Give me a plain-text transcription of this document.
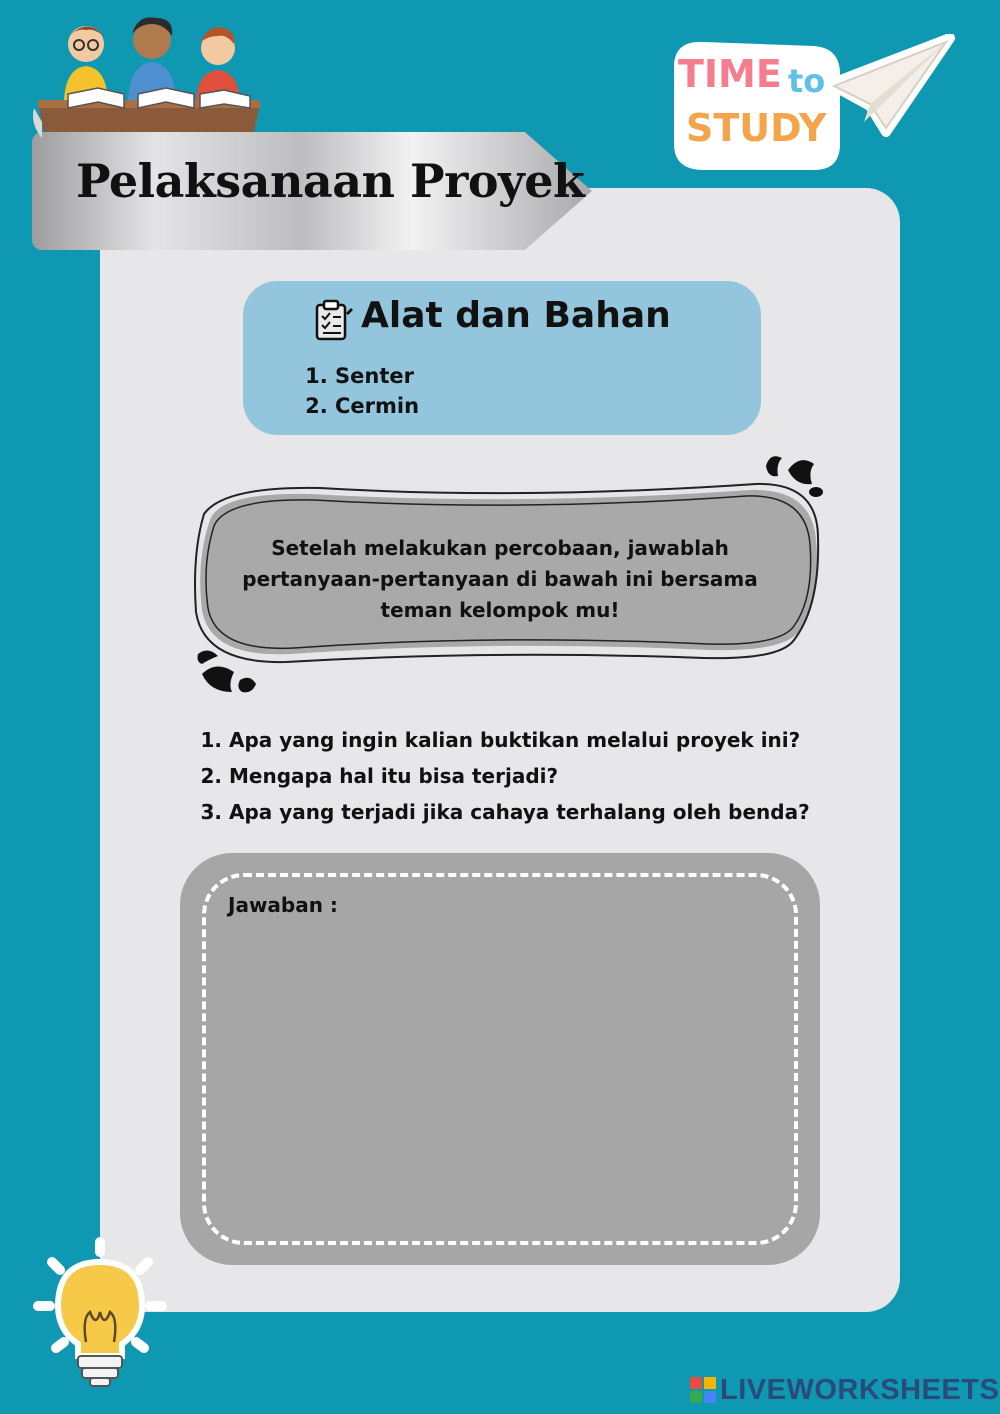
Pelaksanaan Proyek
TIME to
STUDY
Alat dan Bahan
1. Senter
2. Cermin

Setelah melakukan percobaan, jawablah pertanyaan-pertanyaan di bawah ini bersama teman kelompok mu!

1. Apa yang ingin kalian buktikan melalui proyek ini?
2. Mengapa hal itu bisa terjadi?
3. Apa yang terjadi jika cahaya terhalang oleh benda?
Jawaban :
LIVEWORKSHEETS
